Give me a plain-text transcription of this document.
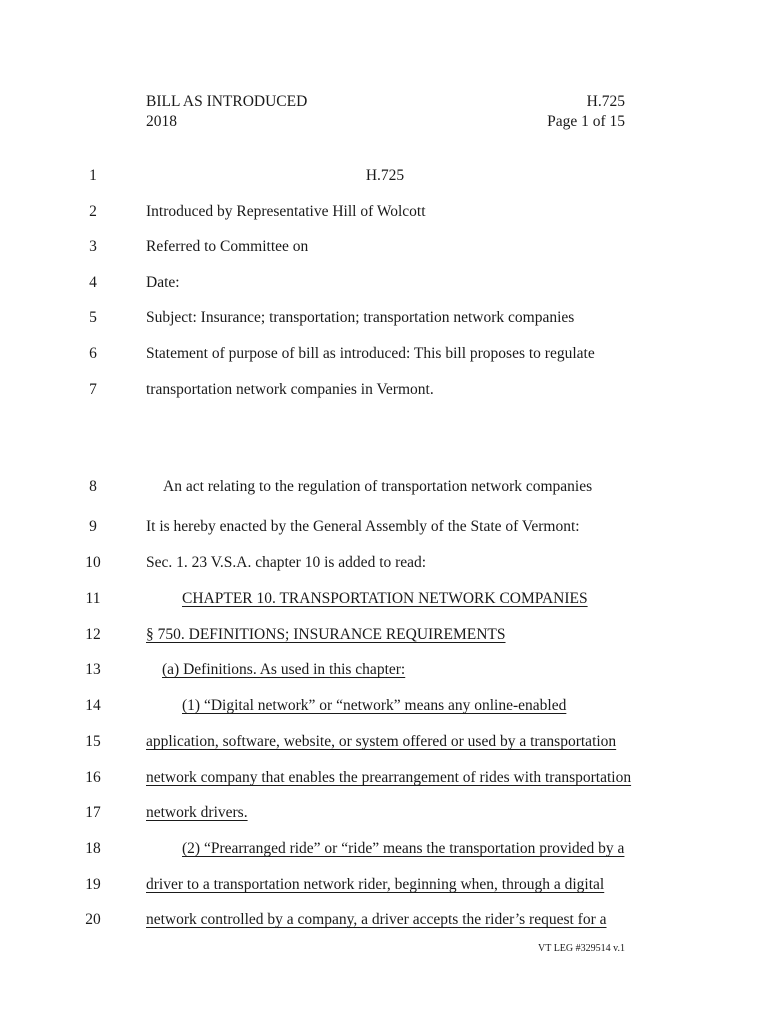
BILL AS INTRODUCED
2018
H.725
Page 1 of 15
1	H.725
2	Introduced by Representative Hill of Wolcott
3	Referred to Committee on
4	Date:
5	Subject: Insurance; transportation; transportation network companies
6	Statement of purpose of bill as introduced: This bill proposes to regulate
7	transportation network companies in Vermont.
8	An act relating to the regulation of transportation network companies
9	It is hereby enacted by the General Assembly of the State of Vermont:
10	Sec. 1. 23 V.S.A. chapter 10 is added to read:
11	CHAPTER 10. TRANSPORTATION NETWORK COMPANIES
12	§ 750. DEFINITIONS; INSURANCE REQUIREMENTS
13	(a) Definitions. As used in this chapter:
14	(1) “Digital network” or “network” means any online-enabled
15	application, software, website, or system offered or used by a transportation
16	network company that enables the prearrangement of rides with transportation
17	network drivers.
18	(2) “Prearranged ride” or “ride” means the transportation provided by a
19	driver to a transportation network rider, beginning when, through a digital
20	network controlled by a company, a driver accepts the rider’s request for a
VT LEG #329514 v.1
